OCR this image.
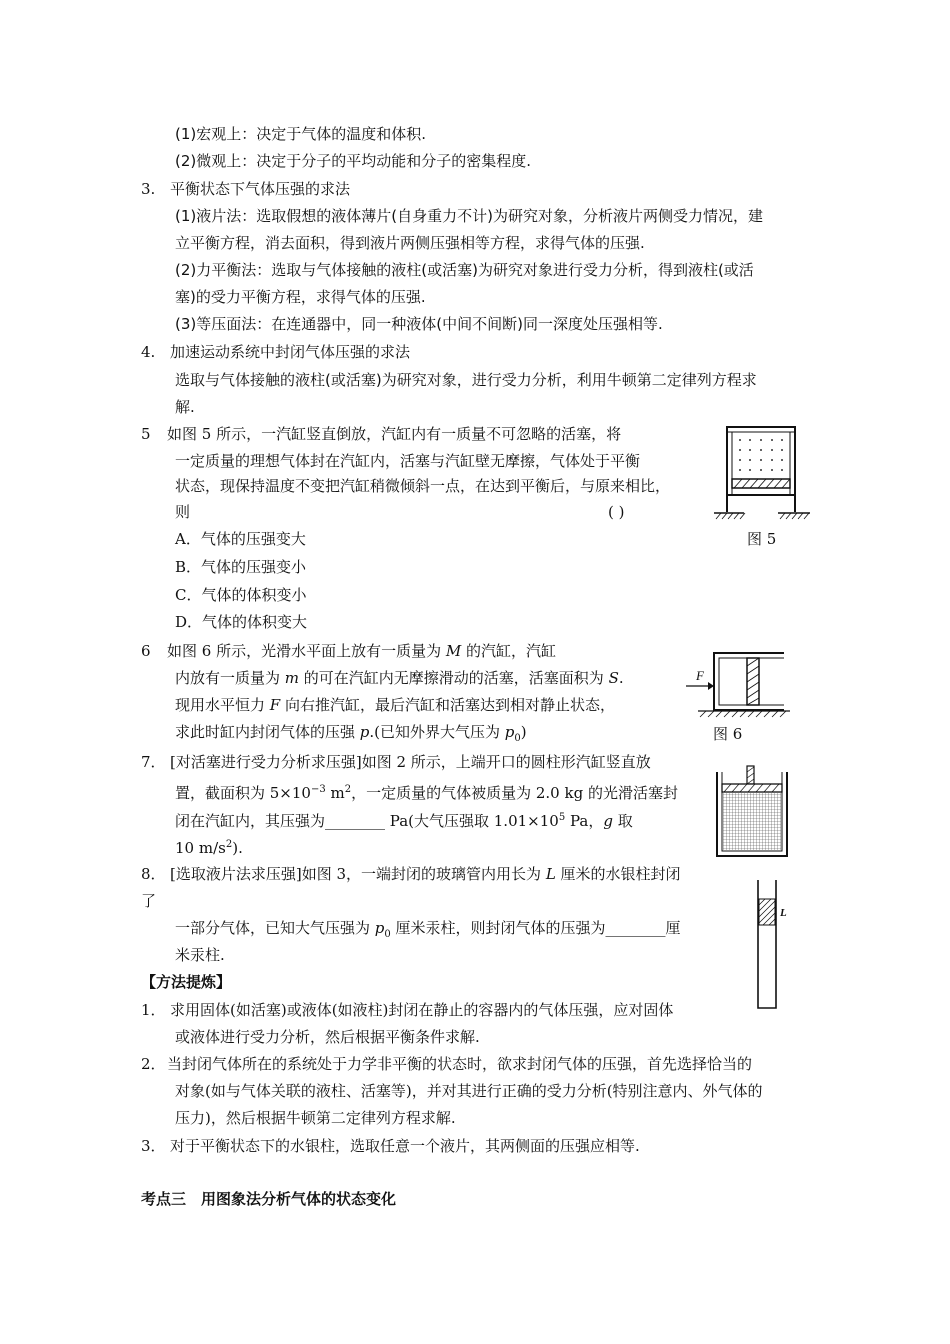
(1)宏观上：决定于气体的温度和体积.
(2)微观上：决定于分子的平均动能和分子的密集程度.
3. 平衡状态下气体压强的求法
(1)液片法：选取假想的液体薄片(自身重力不计)为研究对象，分析液片两侧受力情况，建
立平衡方程，消去面积，得到液片两侧压强相等方程，求得气体的压强.
(2)力平衡法：选取与气体接触的液柱(或活塞)为研究对象进行受力分析，得到液柱(或活
塞)的受力平衡方程，求得气体的压强.
(3)等压面法：在连通器中，同一种液体(中间不间断)同一深度处压强相等.
4. 加速运动系统中封闭气体压强的求法
选取与气体接触的液柱(或活塞)为研究对象，进行受力分析，利用牛顿第二定律列方程求
解.
5 如图 5 所示，一汽缸竖直倒放，汽缸内有一质量不可忽略的活塞，将
一定质量的理想气体封在汽缸内，活塞与汽缸壁无摩擦，气体处于平衡
状态，现保持温度不变把汽缸稍微倾斜一点，在达到平衡后，与原来相比，
则	( )
A．气体的压强变大
B．气体的压强变小
C．气体的体积变小
D．气体的体积变大
图 5
6 如图 6 所示，光滑水平面上放有一质量为 M 的汽缸，汽缸
内放有一质量为 m 的可在汽缸内无摩擦滑动的活塞，活塞面积为 S.
现用水平恒力 F 向右推汽缸，最后汽缸和活塞达到相对静止状态，
求此时缸内封闭气体的压强 p.(已知外界大气压为 $p_0$)
F
图 6
7． [对活塞进行受力分析求压强]如图 2 所示，上端开口的圆柱形汽缸竖直放
置，截面积为 $5\times 10^{-3}$ $m^2$，一定质量的气体被质量为 2.0 kg 的光滑活塞封
闭在汽缸内，其压强为________ Pa(大气压强取 $1.01\times 10^5$ Pa，g 取
10 $m/s^2$).
8． [选取液片法求压强]如图 3，一端封闭的玻璃管内用长为 L 厘米的水银柱封闭
了
一部分气体，已知大气压强为 $p_0$ 厘米汞柱，则封闭气体的压强为________厘
米汞柱.
L
【方法提炼】
1． 求用固体(如活塞)或液体(如液柱)封闭在静止的容器内的气体压强，应对固体
或液体进行受力分析，然后根据平衡条件求解.
2． 当封闭气体所在的系统处于力学非平衡的状态时，欲求封闭气体的压强，首先选择恰当的
对象(如与气体关联的液柱、活塞等)，并对其进行正确的受力分析(特别注意内、外气体的
压力)，然后根据牛顿第二定律列方程求解.
3． 对于平衡状态下的水银柱，选取任意一个液片，其两侧面的压强应相等.
考点三　用图象法分析气体的状态变化
